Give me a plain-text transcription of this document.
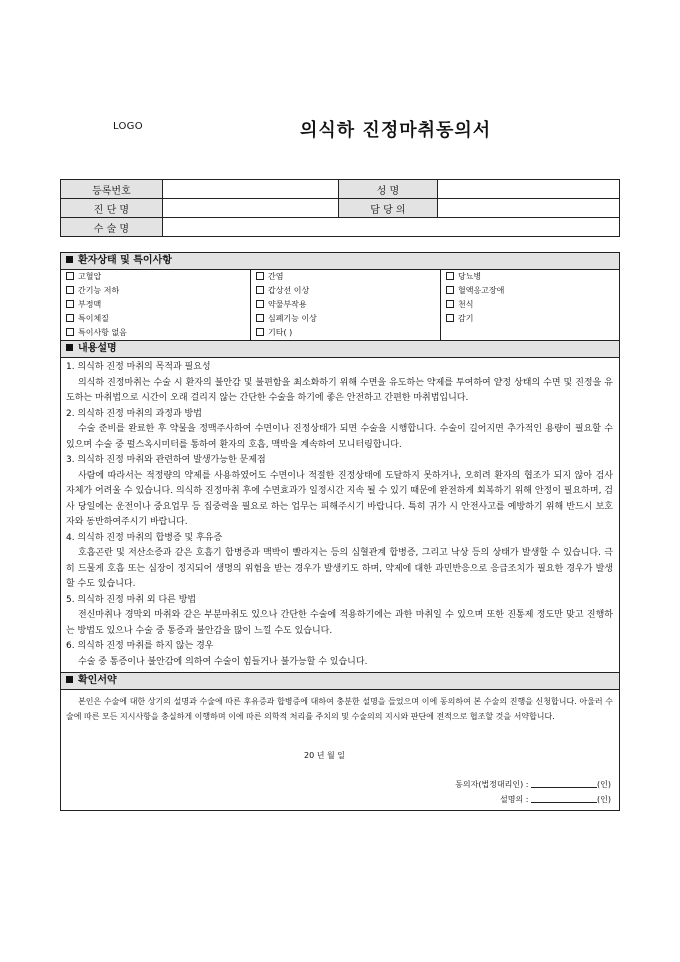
LOGO	의식하 진정마취동의서
등록번호		성 명	
진 단 명		담 당 의	
수 술 명			
환자상태 및 특이사항
고혈압	간염	당뇨병
간기능 저하	갑상선 이상	혈액응고장애
부정맥	약물부작용	천식
특이체질	심폐기능 이상	감기
특이사항 없음	기타( )
내용설명
1. 의식하 진정 마취의 목적과 필요성
의식하 진정마취는 수술 시 환자의 불안감 및 불편함을 최소화하기 위해 수면을 유도하는 약제를 투여하여 얕정 상태의 수면 및 진정을 유도하는 마취법으로 시간이 오래 걸리지 않는 간단한 수술을 하기에 좋은 안전하고 간편한 마취법입니다.
2. 의식하 진정 마취의 과정과 방법
수술 준비를 완료한 후 약물을 정맥주사하여 수면이나 진정상태가 되면 수술을 시행합니다. 수술이 길어지면 추가적인 용량이 필요할 수 있으며 수술 중 펄스옥시미터를 통하여 환자의 호흡, 맥박을 계속하여 모니터링합니다.
3. 의식하 진정 마취와 관련하여 발생가능한 문제점
사람에 따라서는 적정량의 약제를 사용하였어도 수면이나 적절한 진정상태에 도달하지 못하거나, 오히려 환자의 협조가 되지 않아 검사 자체가 어려울 수 있습니다. 의식하 진정마취 후에 수면효과가 일정시간 지속 될 수 있기 때문에 완전하게 회복하기 위해 안정이 필요하며, 검사 당일에는 운전이나 중요업무 등 집중력을 필요로 하는 업무는 피해주시기 바랍니다. 특히 귀가 시 안전사고를 예방하기 위해 반드시 보호자와 동반하여주시기 바랍니다.
4. 의식하 진정 마취의 합병증 및 후유증
호흡곤란 및 저산소증과 같은 호흡기 합병증과 맥박이 빨라지는 등의 심혈관계 합병증, 그리고 낙상 등의 상태가 발생할 수 있습니다. 극히 드물게 호흡 또는 심장이 정지되어 생명의 위험을 받는 경우가 발생키도 하며, 약제에 대한 과민반응으로 응급조치가 필요한 경우가 발생할 수도 있습니다.
5. 의식하 진정 마취 외 다른 방법
전신마취나 경막외 마취와 같은 부분마취도 있으나 간단한 수술에 적용하기에는 과한 마취일 수 있으며 또한 진통제 정도만 맞고 진행하는 방법도 있으나 수술 중 통증과 불안감을 많이 느낄 수도 있습니다.
6. 의식하 진정 마취를 하지 않는 경우
수술 중 통증이나 불안감에 의하여 수술이 힘들거나 불가능할 수 있습니다.
확인서약
본인은 수술에 대한 상기의 설명과 수술에 따른 후유증과 합병증에 대하여 충분한 설명을 들었으며 이에 동의하여 본 수술의 진행을 신청합니다. 아울러 수술에 따른 모든 지시사항을 충실하게 이행하며 이에 따른 의학적 처리를 주치의 및 수술의의 지시와 판단에 전적으로 협조할 것을 서약합니다.
20 년 월 일
동의자(법정대리인) :	(인)
설명의 :	(인)
